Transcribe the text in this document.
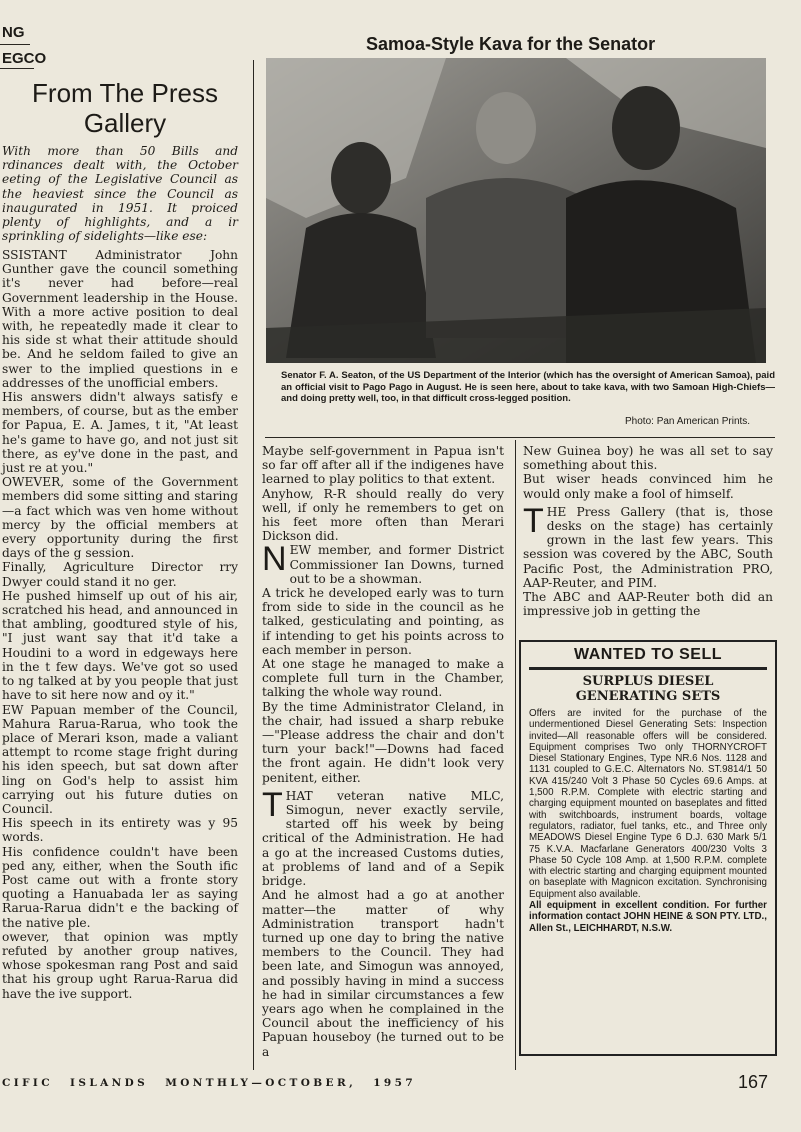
NG
EGCO
Samoa-Style Kava for the Senator
From The Press Gallery
With more than 50 Bills and rdinances dealt with, the October eeting of the Legislative Council as the heaviest since the Council as inaugurated in 1951. It proiced plenty of highlights, and a ir sprinkling of sidelights—like ese:

SSISTANT Administrator John Gunther gave the council something it's never had before—real Government leadership in the House. With a more active position to deal with, he repeatedly made it clear to his side st what their attitude should be. And he seldom failed to give an swer to the implied questions in e addresses of the unofficial embers.

His answers didn't always satisfy e members, of course, but as the ember for Papua, E. A. James, t it, "At least he's game to have go, and not just sit there, as ey've done in the past, and just re at you."

OWEVER, some of the Government members did some sitting and staring—a fact which was ven home without mercy by the official members at every opportunity during the first days of the g session.

Finally, Agriculture Director rry Dwyer could stand it no ger.

He pushed himself up out of his air, scratched his head, and announced in that ambling, goodtured style of his, "I just want say that it'd take a Houdini to a word in edgeways here in the t few days. We've got so used to ng talked at by you people that just have to sit here now and oy it."

EW Papuan member of the Council, Mahura Rarua-Rarua, who took the place of Merari kson, made a valiant attempt to rcome stage fright during his iden speech, but sat down after ling on God's help to assist him carrying out his future duties on Council.

His speech in its entirety was y 95 words.

His confidence couldn't have been ped any, either, when the South ific Post came out with a fronte story quoting a Hanuabada ler as saying Rarua-Rarua didn't e the backing of the native ple.

owever, that opinion was mptly refuted by another group natives, whose spokesman rang Post and said that his group ught Rarua-Rarua did have the ive support.

Senator F. A. Seaton, of the US Department of the Interior (which has the oversight of American Samoa), paid an official visit to Pago Pago in August. He is seen here, about to take kava, with two Samoan High-Chiefs—and doing pretty well, too, in that difficult cross-legged position.
Photo: Pan American Prints.

Maybe self-government in Papua isn't so far off after all if the indigenes have learned to play politics to that extent.

Anyhow, R-R should really do very well, if only he remembers to get on his feet more often than Merari Dickson did.

NEW member, and former District Commissioner Ian Downs, turned out to be a showman.

A trick he developed early was to turn from side to side in the council as he talked, gesticulating and pointing, as if intending to get his points across to each member in person.

At one stage he managed to make a complete full turn in the Chamber, talking the whole way round.

By the time Administrator Cleland, in the chair, had issued a sharp rebuke—"Please address the chair and don't turn your back!"—Downs had faced the front again. He didn't look very penitent, either.

THAT veteran native MLC, Simogun, never exactly servile, started off his week by being critical of the Administration. He had a go at the increased Customs duties, at problems of land and of a Sepik bridge.

And he almost had a go at another matter—the matter of why Administration transport hadn't turned up one day to bring the native members to the Council. They had been late, and Simogun was annoyed, and possibly having in mind a success he had in similar circumstances a few years ago when he complained in the Council about the inefficiency of his Papuan houseboy (he turned out to be a

New Guinea boy) he was all set to say something about this.

But wiser heads convinced him he would only make a fool of himself.

THE Press Gallery (that is, those desks on the stage) has certainly grown in the last few years. This session was covered by the ABC, South Pacific Post, the Administration PRO, AAP-Reuter, and PIM.

The ABC and AAP-Reuter both did an impressive job in getting the

WANTED TO SELL
SURPLUS DIESEL
GENERATING SETS
Offers are invited for the purchase of the undermentioned Diesel Generating Sets: Inspection invited—All reasonable offers will be considered. Equipment comprises Two only THORNYCROFT Diesel Stationary Engines, Type NR.6 Nos. 1128 and 1131 coupled to G.E.C. Alternators No. ST.9814/1 50 KVA 415/240 Volt 3 Phase 50 Cycles 69.6 Amps. at 1,500 R.P.M. Complete with electric starting and charging equipment mounted on baseplates and fitted with switchboards, instrument boards, voltage regulators, radiator, fuel tanks, etc., and Three only MEADOWS Diesel Engine Type 6 D.J. 630 Mark 5/1 75 K.V.A. Macfarlane Generators 400/230 Volts 3 Phase 50 Cycle 108 Amp. at 1,500 R.P.M. complete with electric starting and charging equipment mounted on baseplate with Magnicon excitation. Synchronising Equipment also available.
All equipment in excellent condition. For further information contact JOHN HEINE & SON PTY. LTD., Allen St., LEICHHARDT, N.S.W.
CIFIC ISLANDS MONTHLY—OCTOBER, 1957	167
